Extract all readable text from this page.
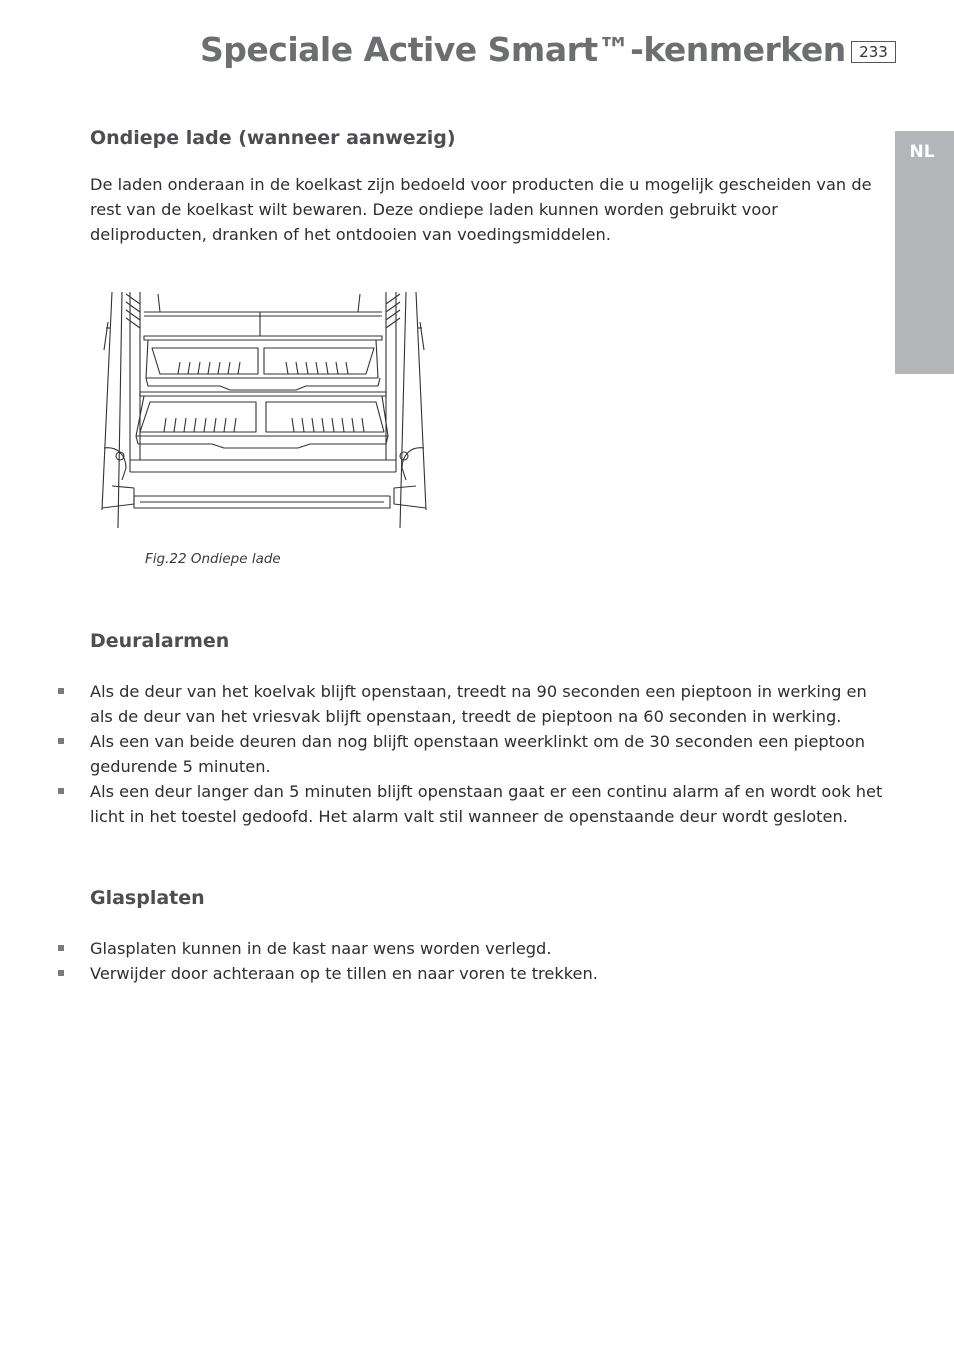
Speciale Active Smart™-kenmerken 233
NL
Ondiepe lade (wanneer aanwezig)

De laden onderaan in de koelkast zijn bedoeld voor producten die u mogelijk gescheiden van de rest van de koelkast wilt bewaren. Deze ondiepe laden kunnen worden gebruikt voor deliproducten, dranken of het ontdooien van voedingsmiddelen.

Fig.22 Ondiepe lade
Deuralarmen
Als de deur van het koelvak blijft openstaan, treedt na 90 seconden een pieptoon in werking en als de deur van het vriesvak blijft openstaan, treedt de pieptoon na 60 seconden in werking.
Als een van beide deuren dan nog blijft openstaan weerklinkt om de 30 seconden een pieptoon gedurende 5 minuten.
Als een deur langer dan 5 minuten blijft openstaan gaat er een continu alarm af en wordt ook het licht in het toestel gedoofd. Het alarm valt stil wanneer de openstaande deur wordt gesloten.
Glasplaten
Glasplaten kunnen in de kast naar wens worden verlegd.
Verwijder door achteraan op te tillen en naar voren te trekken.
